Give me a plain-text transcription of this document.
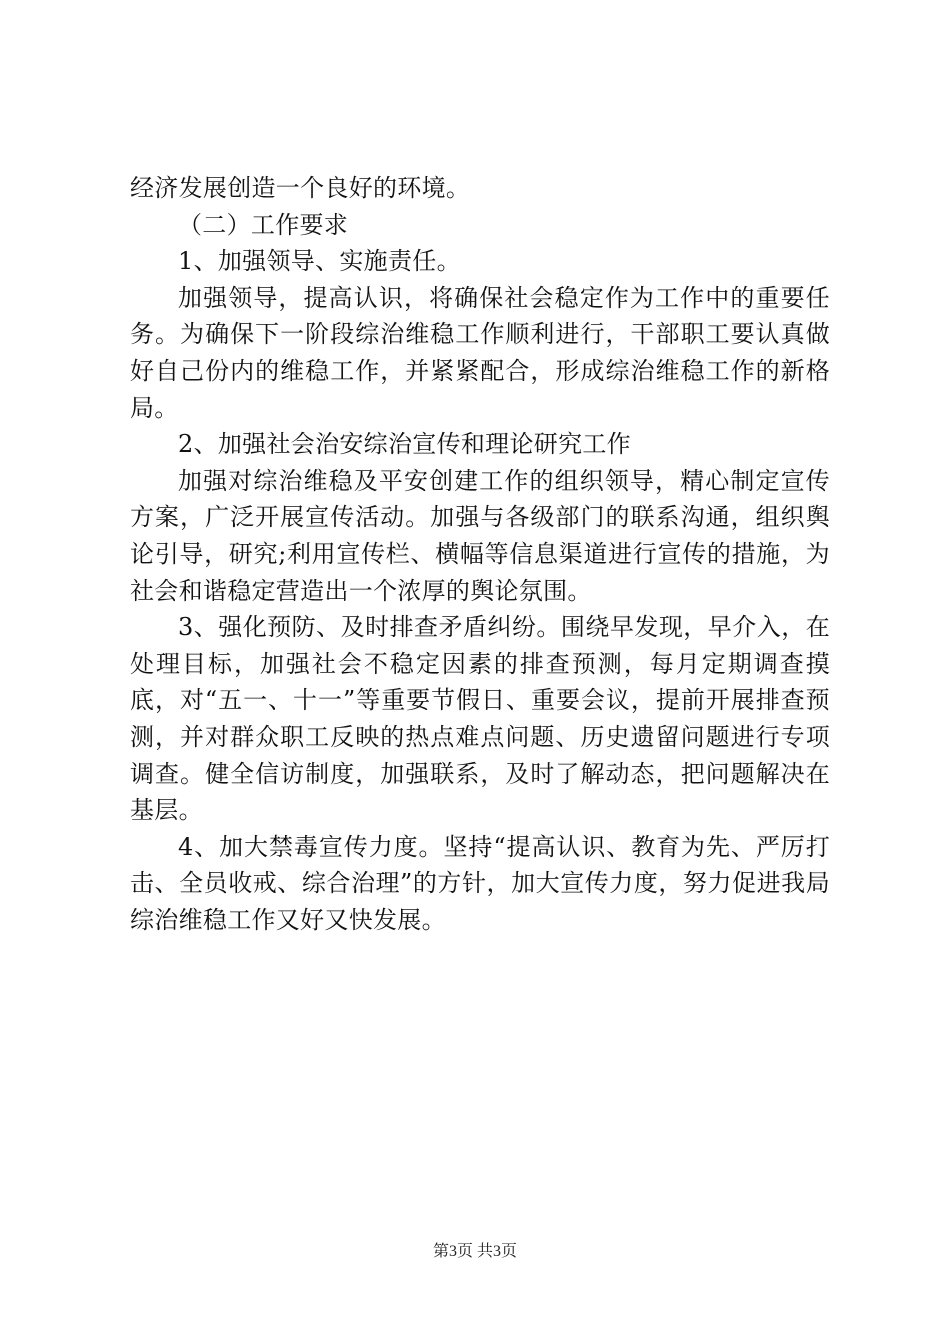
经济发展创造一个良好的环境。

（二）工作要求

1、加强领导、实施责任。

加强领导，提高认识，将确保社会稳定作为工作中的重要任务。为确保下一阶段综治维稳工作顺利进行，干部职工要认真做好自己份内的维稳工作，并紧紧配合，形成综治维稳工作的新格局。

2、加强社会治安综治宣传和理论研究工作

加强对综治维稳及平安创建工作的组织领导，精心制定宣传方案，广泛开展宣传活动。加强与各级部门的联系沟通，组织舆论引导，研究;利用宣传栏、横幅等信息渠道进行宣传的措施，为社会和谐稳定营造出一个浓厚的舆论氛围。

3、强化预防、及时排查矛盾纠纷。围绕早发现，早介入，在处理目标，加强社会不稳定因素的排查预测，每月定期调查摸底，对“五一、十一”等重要节假日、重要会议，提前开展排查预测，并对群众职工反映的热点难点问题、历史遗留问题进行专项调查。健全信访制度，加强联系，及时了解动态，把问题解决在基层。

4、加大禁毒宣传力度。坚持“提高认识、教育为先、严厉打击、全员收戒、综合治理”的方针，加大宣传力度，努力促进我局综治维稳工作又好又快发展。

第3页 共3页
